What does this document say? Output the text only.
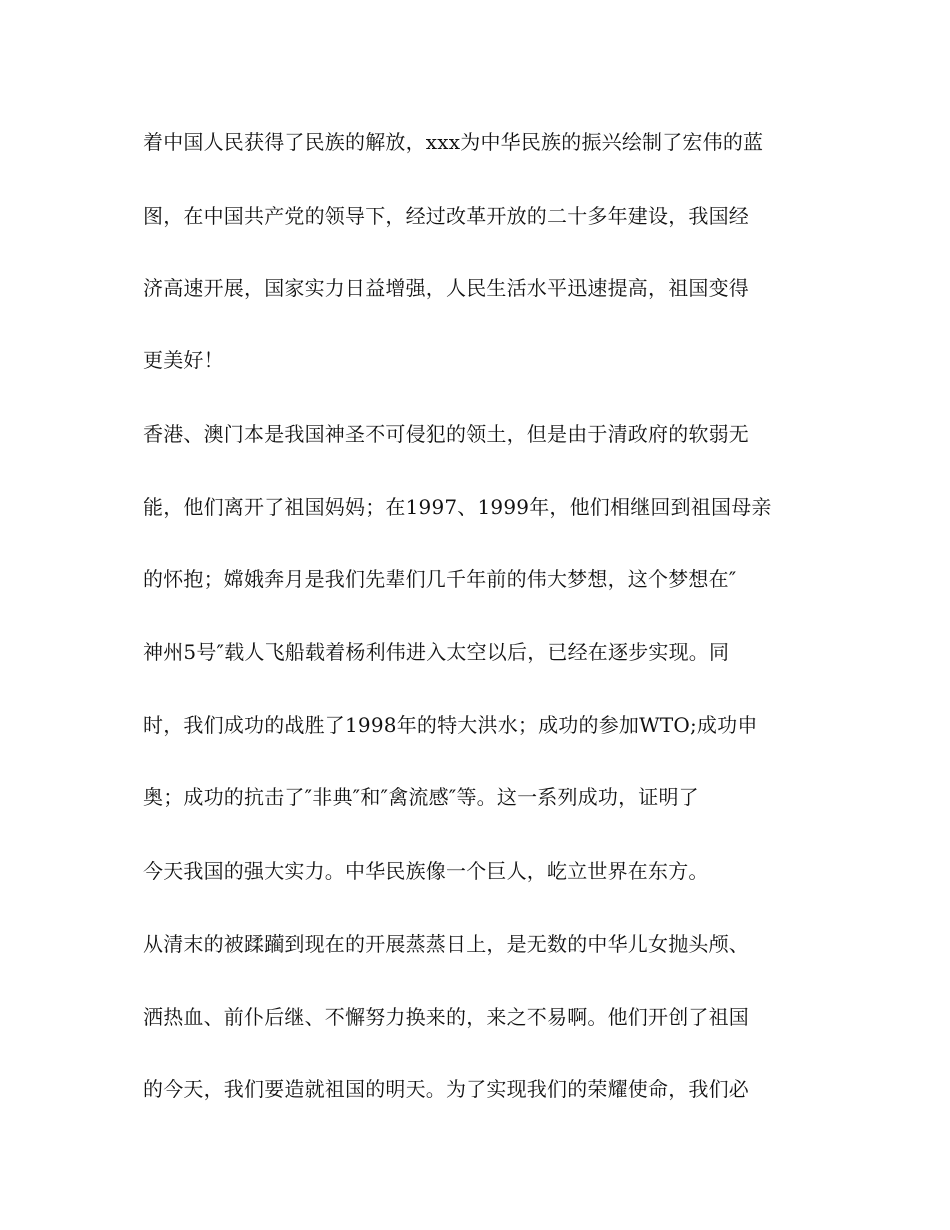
着中国人民获得了民族的解放，xxx为中华民族的振兴绘制了宏伟的蓝

图，在中国共产党的领导下，经过改革开放的二十多年建设，我国经

济高速开展，国家实力日益增强，人民生活水平迅速提高，祖国变得

更美好！

香港、澳门本是我国神圣不可侵犯的领土，但是由于清政府的软弱无

能，他们离开了祖国妈妈；在1997、1999年，他们相继回到祖国母亲

的怀抱；嫦娥奔月是我们先辈们几千年前的伟大梦想，这个梦想在″

神州5号″载人飞船载着杨利伟进入太空以后，已经在逐步实现。同

时，我们成功的战胜了1998年的特大洪水；成功的参加WTO;成功申

奥；成功的抗击了″非典″和″禽流感″等。这一系列成功，证明了

今天我国的强大实力。中华民族像一个巨人，屹立世界在东方。

从清末的被蹂躏到现在的开展蒸蒸日上，是无数的中华儿女抛头颅、

洒热血、前仆后继、不懈努力换来的，来之不易啊。他们开创了祖国

的今天，我们要造就祖国的明天。为了实现我们的荣耀使命，我们必
